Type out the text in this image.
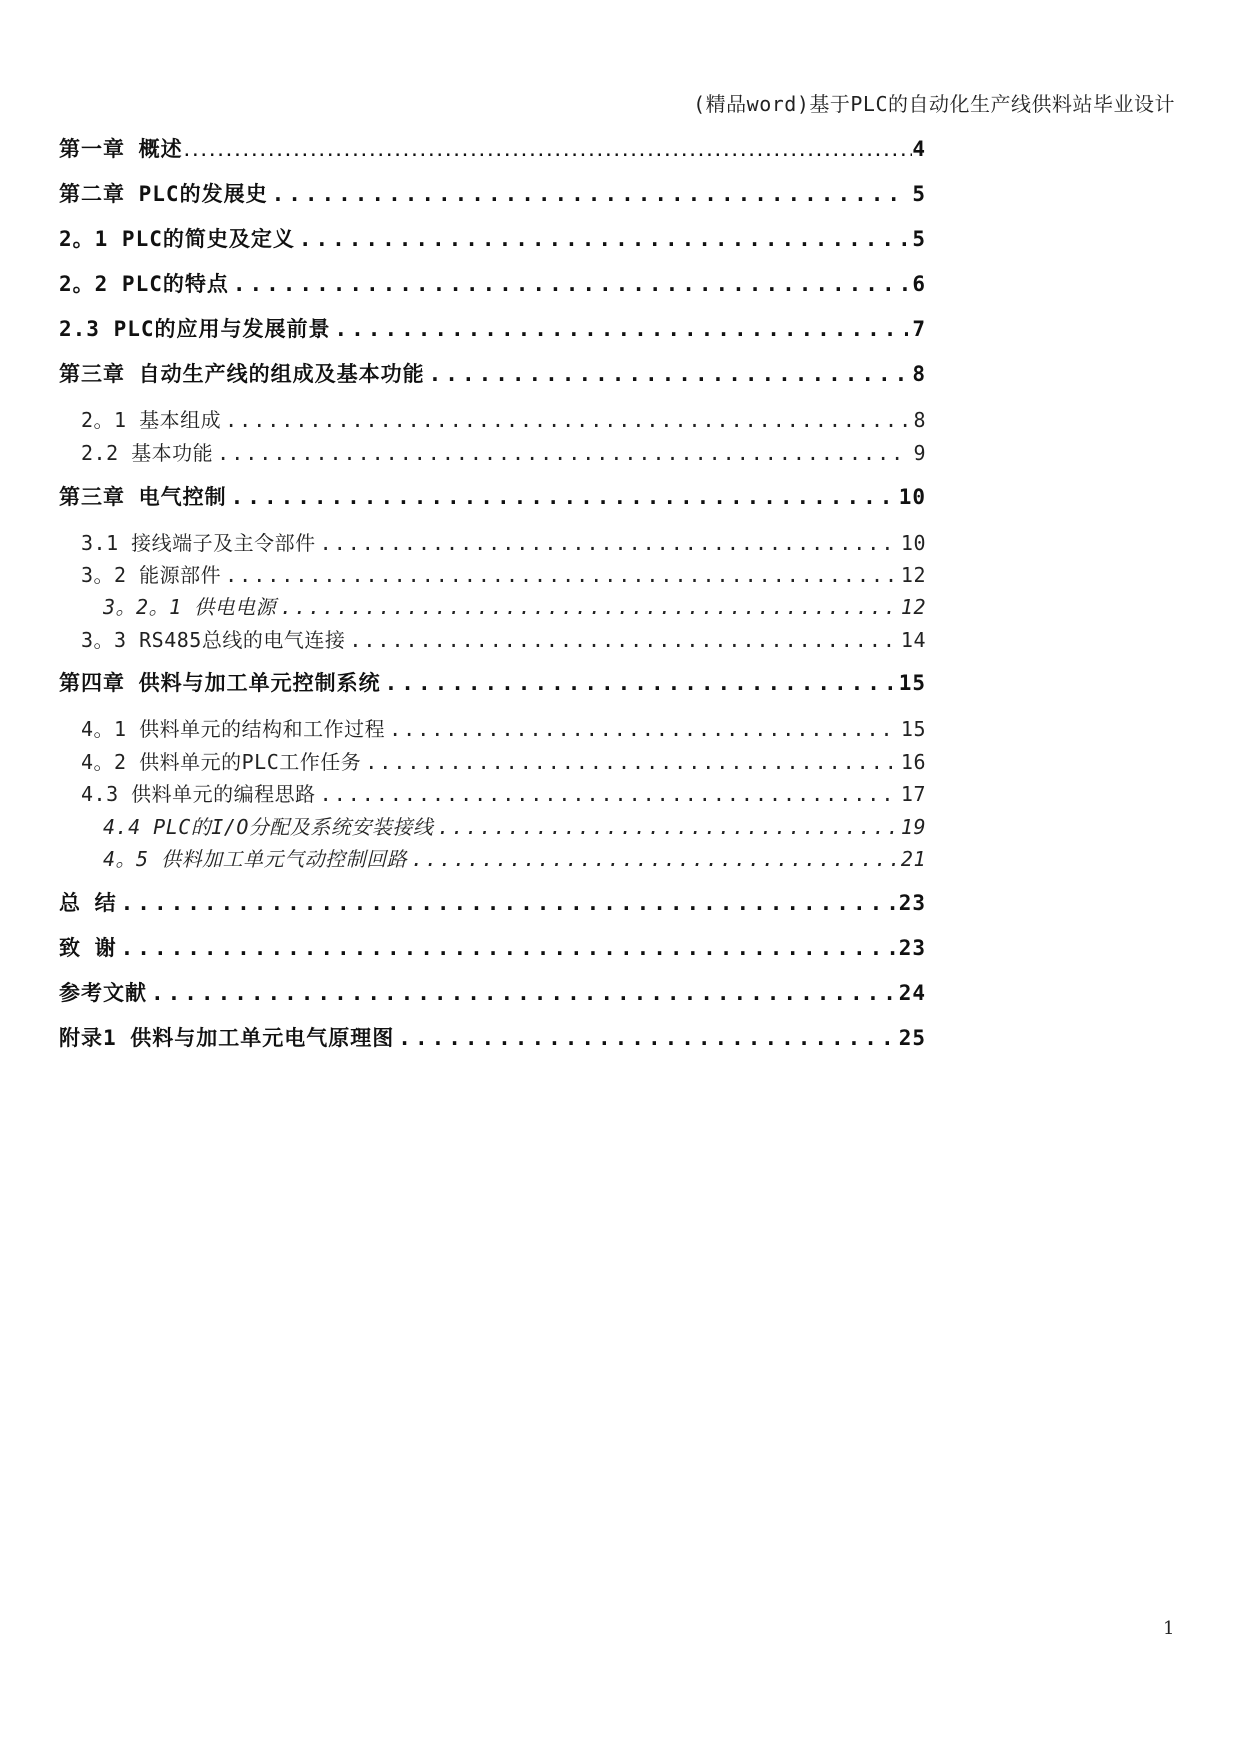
(精品word)基于PLC的自动化生产线供料站毕业设计
第一章 概述 .....	4
第二章 PLC的发展史 .....	5
2。1 PLC的简史及定义 .....	5
2。2 PLC的特点 .....	6
2.3 PLC的应用与发展前景 .....	7
第三章 自动生产线的组成及基本功能 .....	8
2。1 基本组成 .....	8
2.2 基本功能 .....	9
第三章 电气控制 .....	10
3.1 接线端子及主令部件 .....	10
3。2 能源部件 .....	12
3。2。1 供电电源 .....	12
3。3 RS485总线的电气连接 .....	14
第四章 供料与加工单元控制系统 .....	15
4。1 供料单元的结构和工作过程 .....	15
4。2 供料单元的PLC工作任务 .....	16
4.3 供料单元的编程思路 .....	17
4.4 PLC的I/O分配及系统安装接线 .....	19
4。5 供料加工单元气动控制回路 .....	21
总 结 .....	23
致 谢 .....	23
参考文献 .....	24
附录1 供料与加工单元电气原理图 .....	25
1
